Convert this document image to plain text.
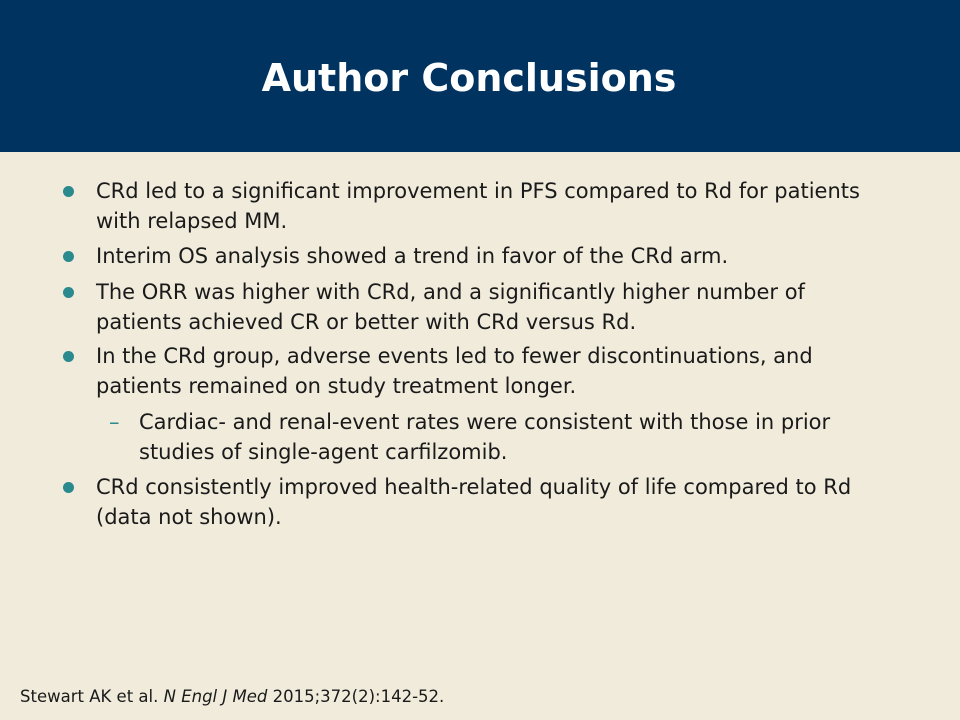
Author Conclusions

CRd led to a significant improvement in PFS compared to Rd for patients with relapsed MM.

Interim OS analysis showed a trend in favor of the CRd arm.

The ORR was higher with CRd, and a significantly higher number of patients achieved CR or better with CRd versus Rd.

In the CRd group, adverse events led to fewer discontinuations, and patients remained on study treatment longer.

– Cardiac- and renal-event rates were consistent with those in prior studies of single-agent carfilzomib.

CRd consistently improved health-related quality of life compared to Rd (data not shown).

Stewart AK et al. N Engl J Med 2015;372(2):142-52.
